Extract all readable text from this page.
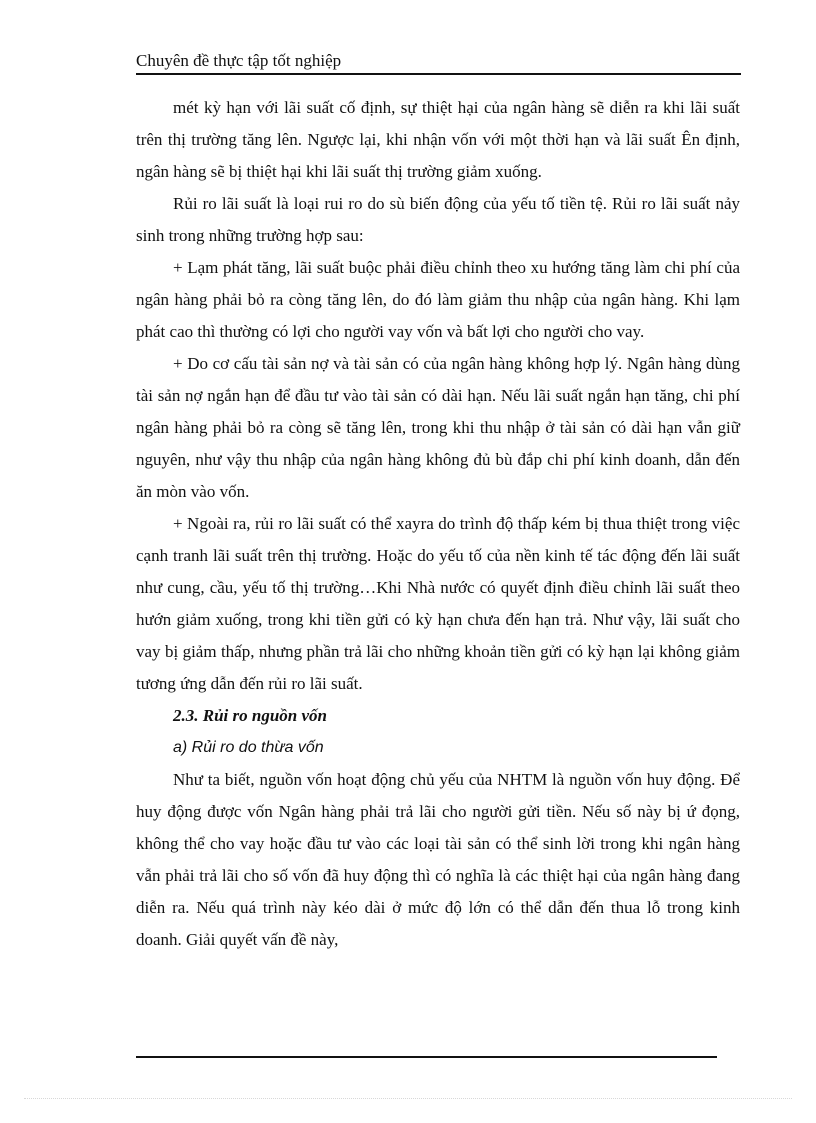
Chuyên đề thực tập tốt nghiệp

mét kỳ hạn với lãi suất cố định, sự thiệt hại của ngân hàng sẽ diễn ra khi lãi suất trên thị trường tăng lên. Ngược lại, khi nhận vốn với một thời hạn và lãi suất Ên định, ngân hàng sẽ bị thiệt hại khi lãi suất thị trường giảm xuống.

Rủi ro lãi suất là loại rui ro do sù biến động của yếu tố tiền tệ. Rủi ro lãi suất nảy sinh trong những trường hợp sau:

+ Lạm phát tăng, lãi suất buộc phải điều chỉnh theo xu hướng tăng làm chi phí của ngân hàng phải bỏ ra còng tăng lên, do đó làm giảm thu nhập của ngân hàng. Khi lạm phát cao thì thường có lợi cho người vay vốn và bất lợi cho người cho vay.

+ Do cơ cấu tài sản nợ và tài sản có của ngân hàng không hợp lý. Ngân hàng dùng tài sản nợ ngắn hạn để đầu tư vào tài sản có dài hạn. Nếu lãi suất ngắn hạn tăng, chi phí ngân hàng phải bỏ ra còng sẽ tăng lên, trong khi thu nhập ở tài sản có dài hạn vẫn giữ nguyên, như vậy thu nhập của ngân hàng không đủ bù đắp chi phí kinh doanh, dẫn đến ăn mòn vào vốn.

+ Ngoài ra, rủi ro lãi suất có thể xayra do trình độ thấp kém bị thua thiệt trong việc cạnh tranh lãi suất trên thị trường. Hoặc do yếu tố của nền kinh tế tác động đến lãi suất như cung, cầu, yếu tố thị trường…Khi Nhà nước có quyết định điều chỉnh lãi suất theo hướn giảm xuống, trong khi tiền gửi có kỳ hạn chưa đến hạn trả. Như vậy, lãi suất cho vay bị giảm thấp, nhưng phần trả lãi cho những khoản tiền gửi có kỳ hạn lại không giảm tương ứng dẫn đến rủi ro lãi suất.

2.3. Rủi ro nguồn vốn

a) Rủi ro do thừa vốn

Như ta biết, nguồn vốn hoạt động chủ yếu của NHTM là nguồn vốn huy động. Để huy động được vốn Ngân hàng phải trả lãi cho người gửi tiền. Nếu số này bị ứ đọng, không thể cho vay hoặc đầu tư vào các loại tài sản có thể sinh lời trong khi ngân hàng vẫn phải trả lãi cho số vốn đã huy động thì có nghĩa là các thiệt hại của ngân hàng đang diễn ra. Nếu quá trình này kéo dài ở mức độ lớn có thể dẫn đến thua lỗ trong kinh doanh. Giải quyết vấn đề này,
